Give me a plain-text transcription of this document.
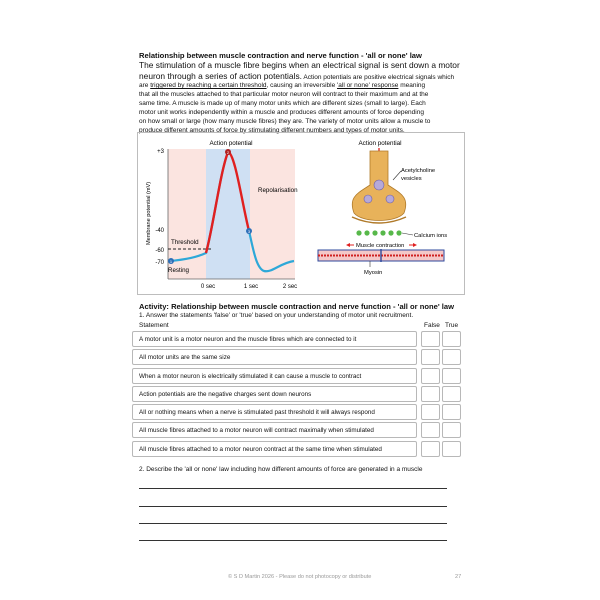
Relationship between muscle contraction and nerve function - 'all or none' law
The stimulation of a muscle fibre begins when an electrical signal is sent down a motor
neuron through a series of action potentials. Action potentials are positive electrical signals which
are triggered by reaching a certain threshold, causing an irreversible 'all or none' response meaning
that all the muscles attached to that particular motor neuron will contract to their maximum and at the
same time. A muscle is made up of many motor units which are different sizes (small to large). Each
motor unit works independently within a muscle and produces different amounts of force depending
on how small or large (how many muscle fibres) they are. The variety of motor units allow a muscle to
produce different amounts of force by stimulating different numbers and types of motor units.
Action potential
Membrane potential (mV)
+3
-40
-60
-70
0 sec	1 sec	2 sec
1
2
3
Repolarisation
Threshold
Resting
Action potential
Acetylcholine
vesicles
Calcium ions
Muscle contraction
Myosin
Activity: Relationship between muscle contraction and nerve function - 'all or none' law
1. Answer the statements 'false' or 'true' based on your understanding of motor unit recruitment.
Statement	False True
A motor unit is a motor neuron and the muscle fibres which are connected to it
All motor units are the same size
When a motor neuron is electrically stimulated it can cause a muscle to contract
Action potentials are the negative charges sent down neurons
All or nothing means when a nerve is stimulated past threshold it will always respond
All muscle fibres attached to a motor neuron will contract maximally when stimulated
All muscle fibres attached to a motor neuron contract at the same time when stimulated
2. Describe the 'all or none' law including how different amounts of force are generated in a muscle
© S D Martin 2026 - Please do not photocopy or distribute	27
